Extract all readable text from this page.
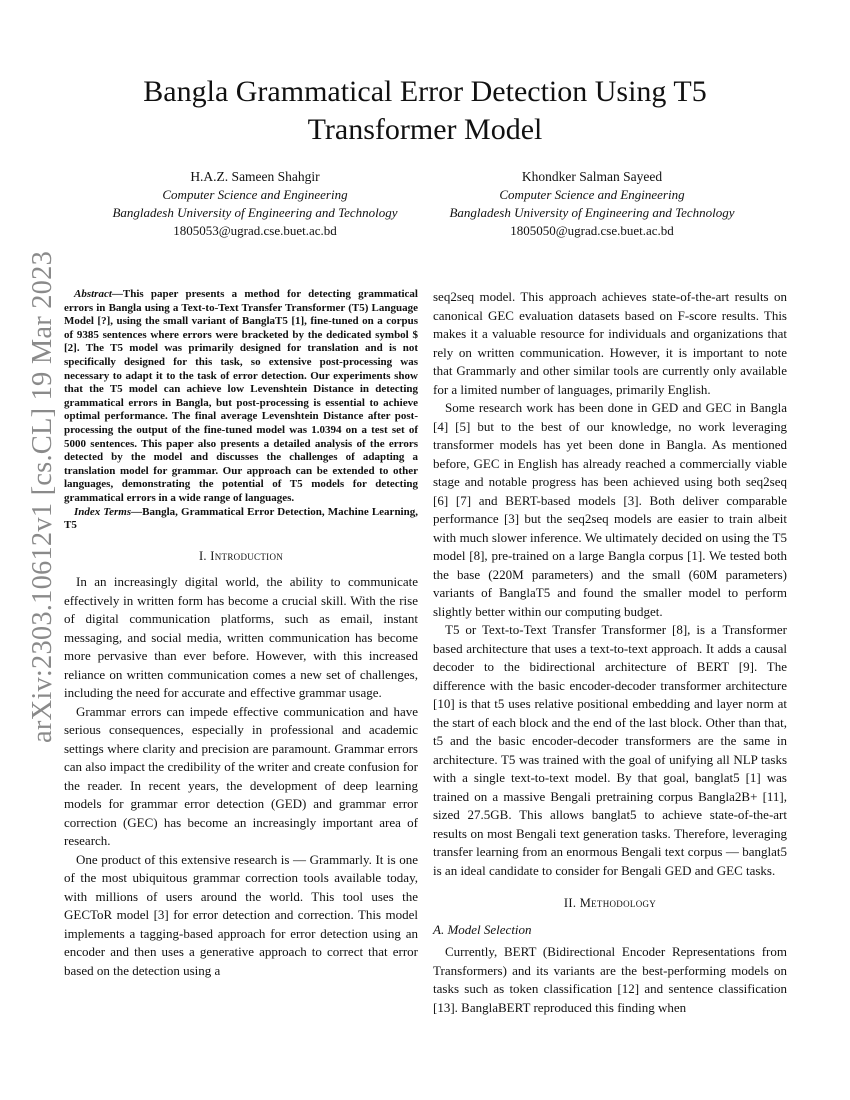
arXiv:2303.10612v1 [cs.CL] 19 Mar 2023
Bangla Grammatical Error Detection Using T5
Transformer Model
H.A.Z. Sameen Shahgir
Computer Science and Engineering
Bangladesh University of Engineering and Technology
1805053@ugrad.cse.buet.ac.bd
Khondker Salman Sayeed
Computer Science and Engineering
Bangladesh University of Engineering and Technology
1805050@ugrad.cse.buet.ac.bd

Abstract—This paper presents a method for detecting grammatical errors in Bangla using a Text-to-Text Transfer Transformer (T5) Language Model [?], using the small variant of BanglaT5 [1], fine-tuned on a corpus of 9385 sentences where errors were bracketed by the dedicated symbol $ [2]. The T5 model was primarily designed for translation and is not specifically designed for this task, so extensive post-processing was necessary to adapt it to the task of error detection. Our experiments show that the T5 model can achieve low Levenshtein Distance in detecting grammatical errors in Bangla, but post-processing is essential to achieve optimal performance. The final average Levenshtein Distance after post-processing the output of the fine-tuned model was 1.0394 on a test set of 5000 sentences. This paper also presents a detailed analysis of the errors detected by the model and discusses the challenges of adapting a translation model for grammar. Our approach can be extended to other languages, demonstrating the potential of T5 models for detecting grammatical errors in a wide range of languages.

Index Terms—Bangla, Grammatical Error Detection, Machine Learning, T5

I. Introduction

In an increasingly digital world, the ability to communicate effectively in written form has become a crucial skill. With the rise of digital communication platforms, such as email, instant messaging, and social media, written communication has become more pervasive than ever before. However, with this increased reliance on written communication comes a new set of challenges, including the need for accurate and effective grammar usage.

Grammar errors can impede effective communication and have serious consequences, especially in professional and academic settings where clarity and precision are paramount. Grammar errors can also impact the credibility of the writer and create confusion for the reader. In recent years, the development of deep learning models for grammar error detection (GED) and grammar error correction (GEC) has become an increasingly important area of research.

One product of this extensive research is — Grammarly. It is one of the most ubiquitous grammar correction tools available today, with millions of users around the world. This tool uses the GECToR model [3] for error detection and correction. This model implements a tagging-based approach for error detection using an encoder and then uses a generative approach to correct that error based on the detection using a

seq2seq model. This approach achieves state-of-the-art results on canonical GEC evaluation datasets based on F-score results. This makes it a valuable resource for individuals and organizations that rely on written communication. However, it is important to note that Grammarly and other similar tools are currently only available for a limited number of languages, primarily English.

Some research work has been done in GED and GEC in Bangla [4] [5] but to the best of our knowledge, no work leveraging transformer models has yet been done in Bangla. As mentioned before, GEC in English has already reached a commercially viable stage and notable progress has been achieved using both seq2seq [6] [7] and BERT-based models [3]. Both deliver comparable performance [3] but the seq2seq models are easier to train albeit with much slower inference. We ultimately decided on using the T5 model [8], pre-trained on a large Bangla corpus [1]. We tested both the base (220M parameters) and the small (60M parameters) variants of BanglaT5 and found the smaller model to perform slightly better within our computing budget.

T5 or Text-to-Text Transfer Transformer [8], is a Transformer based architecture that uses a text-to-text approach. It adds a causal decoder to the bidirectional architecture of BERT [9]. The difference with the basic encoder-decoder transformer architecture [10] is that t5 uses relative positional embedding and layer norm at the start of each block and the end of the last block. Other than that, t5 and the basic encoder-decoder transformers are the same in architecture. T5 was trained with the goal of unifying all NLP tasks with a single text-to-text model. By that goal, banglat5 [1] was trained on a massive Bengali pretraining corpus Bangla2B+ [11], sized 27.5GB. This allows banglat5 to achieve state-of-the-art results on most Bengali text generation tasks. Therefore, leveraging transfer learning from an enormous Bengali text corpus — banglat5 is an ideal candidate to consider for Bengali GED and GEC tasks.

II. Methodology
A. Model Selection

Currently, BERT (Bidirectional Encoder Representations from Transformers) and its variants are the best-performing models on tasks such as token classification [12] and sentence classification [13]. BanglaBERT reproduced this finding when
